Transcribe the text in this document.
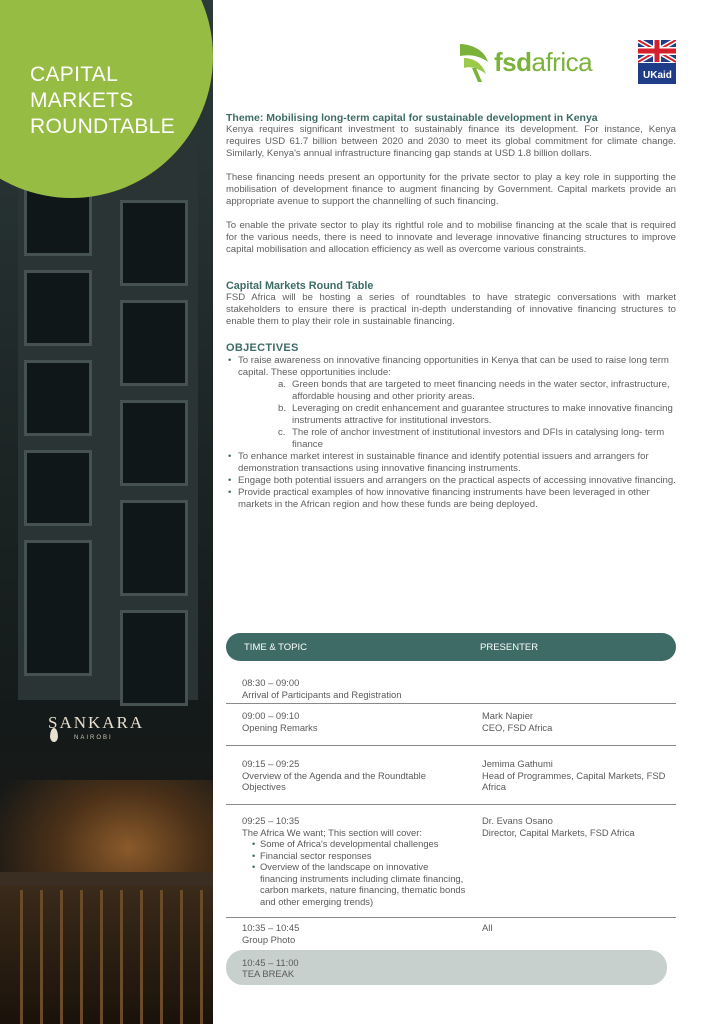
SANKARA
NAIROBI
CAPITAL
MARKETS
ROUNDTABLE
fsdafrica	UKaid

Theme: Mobilising long-term capital for sustainable development in Kenya

Kenya requires significant investment to sustainably finance its development. For instance, Kenya requires USD 61.7 billion between 2020 and 2030 to meet its global commitment for climate change. Similarly, Kenya's annual infrastructure financing gap stands at USD 1.8 billion dollars.

These financing needs present an opportunity for the private sector to play a key role in supporting the mobilisation of development finance to augment financing by Government. Capital markets provide an appropriate avenue to support the channelling of such financing.

To enable the private sector to play its rightful role and to mobilise financing at the scale that is required for the various needs, there is need to innovate and leverage innovative financing structures to improve capital mobilisation and allocation efficiency as well as overcome various constraints.

Capital Markets Round Table

FSD Africa will be hosting a series of roundtables to have strategic conversations with market stakeholders to ensure there is practical in-depth understanding of innovative financing structures to enable them to play their role in sustainable financing.

OBJECTIVES

• To raise awareness on innovative financing opportunities in Kenya that can be used to raise long term capital. These opportunities include:
a. Green bonds that are targeted to meet financing needs in the water sector, infrastructure, affordable housing and other priority areas.
b. Leveraging on credit enhancement and guarantee structures to make innovative financing instruments attractive for institutional investors.
c. The role of anchor investment of institutional investors and DFIs in catalysing long- term finance
• To enhance market interest in sustainable finance and identify potential issuers and arrangers for demonstration transactions using innovative financing instruments.
• Engage both potential issuers and arrangers on the practical aspects of accessing innovative financing.
• Provide practical examples of how innovative financing instruments have been leveraged in other markets in the African region and how these funds are being deployed.
TIME & TOPIC	PRESENTER
08:30 – 09:00
Arrival of Participants and Registration
09:00 – 09:10
Opening Remarks
Mark Napier
CEO, FSD Africa
09:15 – 09:25
Overview of the Agenda and the Roundtable Objectives
Jemima Gathumi
Head of Programmes, Capital Markets, FSD Africa
09:25 – 10:35
The Africa We want; This section will cover:
• Some of Africa's developmental challenges
• Financial sector responses
• Overview of the landscape on innovative financing instruments including climate financing, carbon markets, nature financing, thematic bonds and other emerging trends)
Dr. Evans Osano
Director, Capital Markets, FSD Africa
10:35 – 10:45
Group Photo
All
10:45 – 11:00
TEA BREAK
